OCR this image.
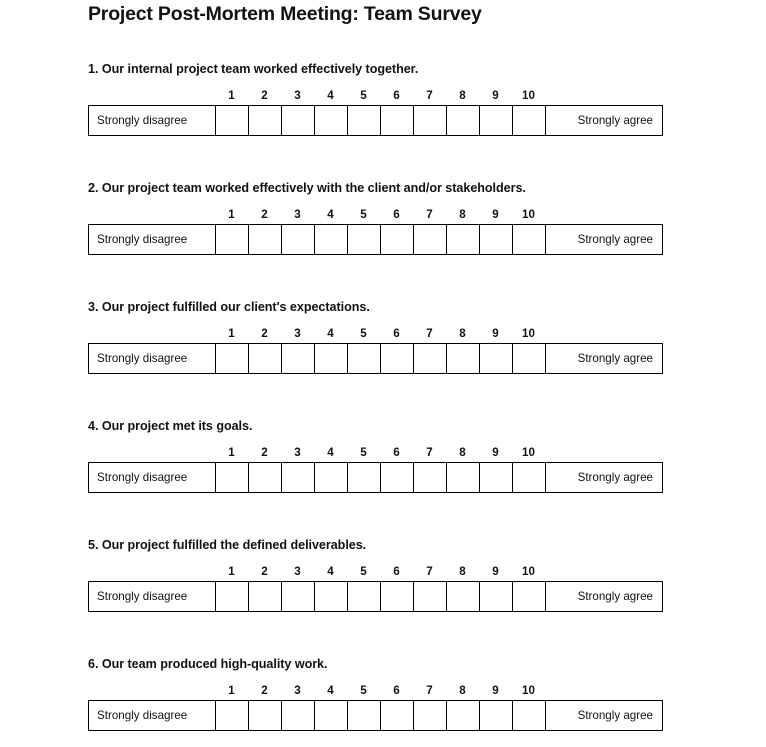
Project Post-Mortem Meeting: Team Survey
1. Our internal project team worked effectively together.
1	2	3	4	5	6	7	8	9	10
Strongly disagree	Strongly agree
2. Our project team worked effectively with the client and/or stakeholders.
1	2	3	4	5	6	7	8	9	10
Strongly disagree	Strongly agree
3. Our project fulfilled our client's expectations.
1	2	3	4	5	6	7	8	9	10
Strongly disagree	Strongly agree
4. Our project met its goals.
1	2	3	4	5	6	7	8	9	10
Strongly disagree	Strongly agree
5. Our project fulfilled the defined deliverables.
1	2	3	4	5	6	7	8	9	10
Strongly disagree	Strongly agree
6. Our team produced high-quality work.
1	2	3	4	5	6	7	8	9	10
Strongly disagree	Strongly agree
